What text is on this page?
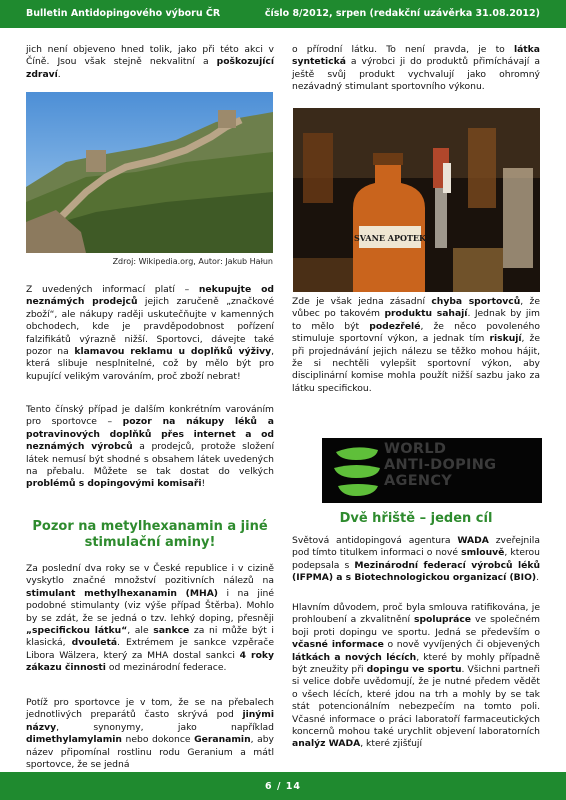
Bulletin Antidopingového výboru ČR	číslo 8/2012, srpen (redakční uzávěrka 31.08.2012)
6 / 14

jich není objeveno hned tolik, jako při této akci v Číně. Jsou však stejně nekvalitní a poškozující zdraví.

Zdroj: Wikipedia.org, Autor: Jakub Hałun

Z uvedených informací platí – nekupujte od neznámých prodejců jejich zaručeně „značkové zboží“, ale nákupy raději uskutečňujte v kamenných obchodech, kde je pravděpodobnost pořízení falzifikátů výrazně nižší. Sportovci, dávejte také pozor na klamavou reklamu u doplňků výživy, která slibuje nesplnitelné, což by mělo být pro kupující velikým varováním, proč zboží nebrat!

Tento čínský případ je dalším konkrétním varováním pro sportovce – pozor na nákupy léků a potravinových doplňků přes internet a od neznámých výrobců a prodejců, protože složení látek nemusí být shodné s obsahem látek uvedených na přebalu. Můžete se tak dostat do velkých problémů s dopingovými komisaři!

Pozor na metylhexanamin a jiné stimulační aminy!

Za poslední dva roky se v České republice i v cizině vyskytlo značné množství pozitivních nálezů na stimulant methylhexanamin (MHA) i na jiné podobné stimulanty (viz výše případ Štěrba). Mohlo by se zdát, že se jedná o tzv. lehký doping, přesněji „specifickou látku“, ale sankce za ni může být i klasická, dvouletá. Extrémem je sankce vzpěrače Libora Wälzera, který za MHA dostal sankci 4 roky zákazu činnosti od mezinárodní federace.

Potíž pro sportovce je v tom, že se na přebalech jednotlivých preparátů často skrývá pod jinými názvy, synonymy, jako například dimethylamylamin nebo dokonce Geranamin, aby název připomínal rostlinu rodu Geranium a mátl sportovce, že se jedná

o přírodní látku. To není pravda, je to látka syntetická a výrobci ji do produktů přimíchávají a ještě svůj produkt vychvalují jako ohromný nezávadný stimulant sportovního výkonu.

SVANE APOTEK

Zde je však jedna zásadní chyba sportovců, že vůbec po takovém produktu sahají. Jednak by jim to mělo být podezřelé, že něco povoleného stimuluje sportovní výkon, a jednak tím riskují, že při projednávání jejich nálezu se těžko mohou hájit, že si nechtěli vylepšit sportovní výkon, aby disciplinární komise mohla použít nižší sazbu jako za látku specifickou.

WORLD
ANTI-DOPING
AGENCY
Dvě hřiště – jeden cíl

Světová antidopingová agentura WADA zveřejnila pod tímto titulkem informaci o nové smlouvě, kterou podepsala s Mezinárodní federací výrobců léků (IFPMA) a s Biotechnologickou organizací (BIO).

Hlavním důvodem, proč byla smlouva ratifikována, je prohloubení a zkvalitnění spolupráce ve společném boji proti dopingu ve sportu. Jedná se především o včasné informace o nově vyvíjených či objevených látkách a nových lécích, které by mohly případně být zneužity při dopingu ve sportu. Všichni partneři si velice dobře uvědomují, že je nutné předem vědět o všech lécích, které jdou na trh a mohly by se tak stát potencionálním nebezpečím na tomto poli. Včasné informace o práci laboratoří farmaceutických koncernů mohou také urychlit objevení laboratorních analýz WADA, které zjišťují
